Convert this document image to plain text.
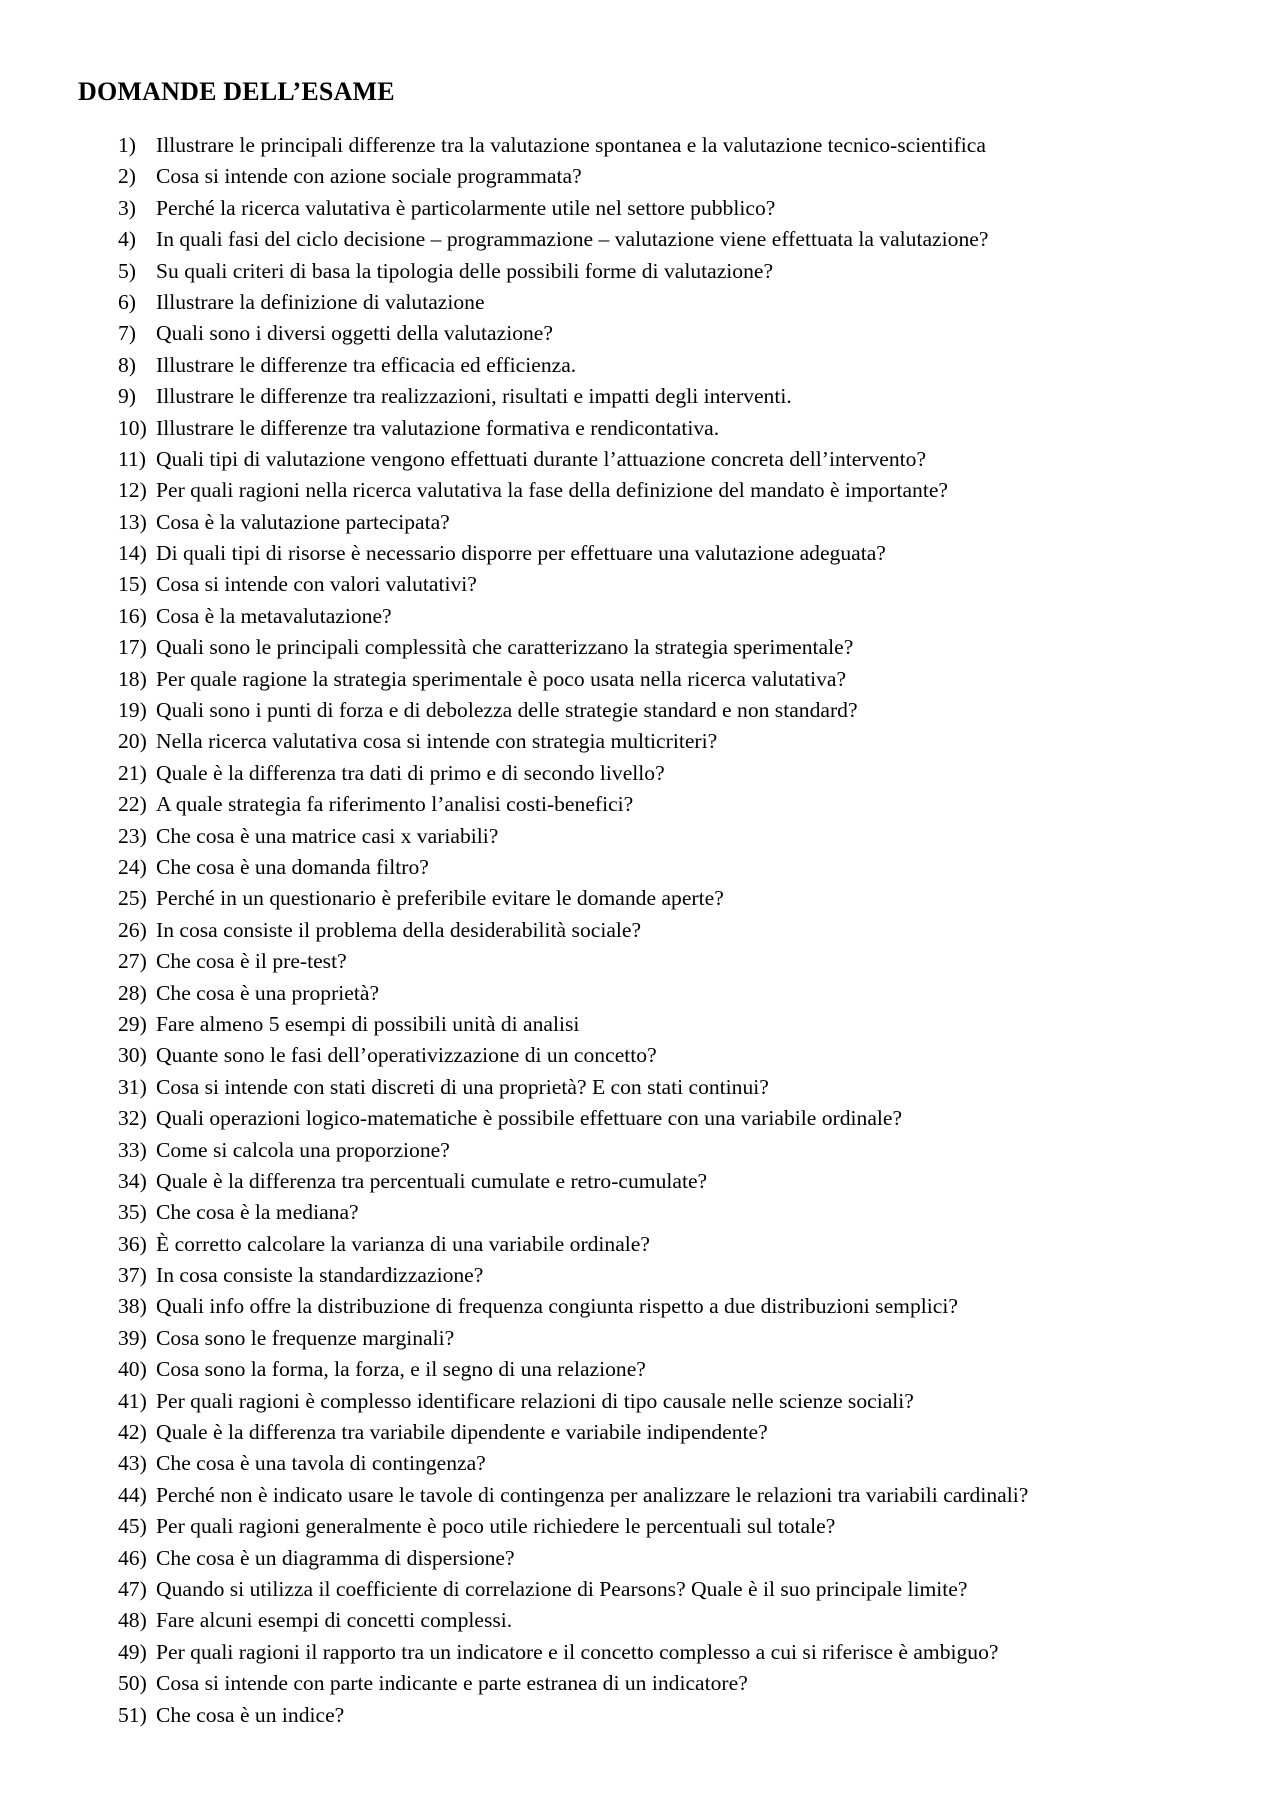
DOMANDE DELL’ESAME
1) Illustrare le principali differenze tra la valutazione spontanea e la valutazione tecnico-scientifica
2) Cosa si intende con azione sociale programmata?
3) Perché la ricerca valutativa è particolarmente utile nel settore pubblico?
4) In quali fasi del ciclo decisione – programmazione – valutazione viene effettuata la valutazione?
5) Su quali criteri di basa la tipologia delle possibili forme di valutazione?
6) Illustrare la definizione di valutazione
7) Quali sono i diversi oggetti della valutazione?
8) Illustrare le differenze tra efficacia ed efficienza.
9) Illustrare le differenze tra realizzazioni, risultati e impatti degli interventi.
10) Illustrare le differenze tra valutazione formativa e rendicontativa.
11) Quali tipi di valutazione vengono effettuati durante l’attuazione concreta dell’intervento?
12) Per quali ragioni nella ricerca valutativa la fase della definizione del mandato è importante?
13) Cosa è la valutazione partecipata?
14) Di quali tipi di risorse è necessario disporre per effettuare una valutazione adeguata?
15) Cosa si intende con valori valutativi?
16) Cosa è la metavalutazione?
17) Quali sono le principali complessità che caratterizzano la strategia sperimentale?
18) Per quale ragione la strategia sperimentale è poco usata nella ricerca valutativa?
19) Quali sono i punti di forza e di debolezza delle strategie standard e non standard?
20) Nella ricerca valutativa cosa si intende con strategia multicriteri?
21) Quale è la differenza tra dati di primo e di secondo livello?
22) A quale strategia fa riferimento l’analisi costi-benefici?
23) Che cosa è una matrice casi x variabili?
24) Che cosa è una domanda filtro?
25) Perché in un questionario è preferibile evitare le domande aperte?
26) In cosa consiste il problema della desiderabilità sociale?
27) Che cosa è il pre-test?
28) Che cosa è una proprietà?
29) Fare almeno 5 esempi di possibili unità di analisi
30) Quante sono le fasi dell’operativizzazione di un concetto?
31) Cosa si intende con stati discreti di una proprietà? E con stati continui?
32) Quali operazioni logico-matematiche è possibile effettuare con una variabile ordinale?
33) Come si calcola una proporzione?
34) Quale è la differenza tra percentuali cumulate e retro-cumulate?
35) Che cosa è la mediana?
36) È corretto calcolare la varianza di una variabile ordinale?
37) In cosa consiste la standardizzazione?
38) Quali info offre la distribuzione di frequenza congiunta rispetto a due distribuzioni semplici?
39) Cosa sono le frequenze marginali?
40) Cosa sono la forma, la forza, e il segno di una relazione?
41) Per quali ragioni è complesso identificare relazioni di tipo causale nelle scienze sociali?
42) Quale è la differenza tra variabile dipendente e variabile indipendente?
43) Che cosa è una tavola di contingenza?
44) Perché non è indicato usare le tavole di contingenza per analizzare le relazioni tra variabili cardinali?
45) Per quali ragioni generalmente è poco utile richiedere le percentuali sul totale?
46) Che cosa è un diagramma di dispersione?
47) Quando si utilizza il coefficiente di correlazione di Pearsons? Quale è il suo principale limite?
48) Fare alcuni esempi di concetti complessi.
49) Per quali ragioni il rapporto tra un indicatore e il concetto complesso a cui si riferisce è ambiguo?
50) Cosa si intende con parte indicante e parte estranea di un indicatore?
51) Che cosa è un indice?
